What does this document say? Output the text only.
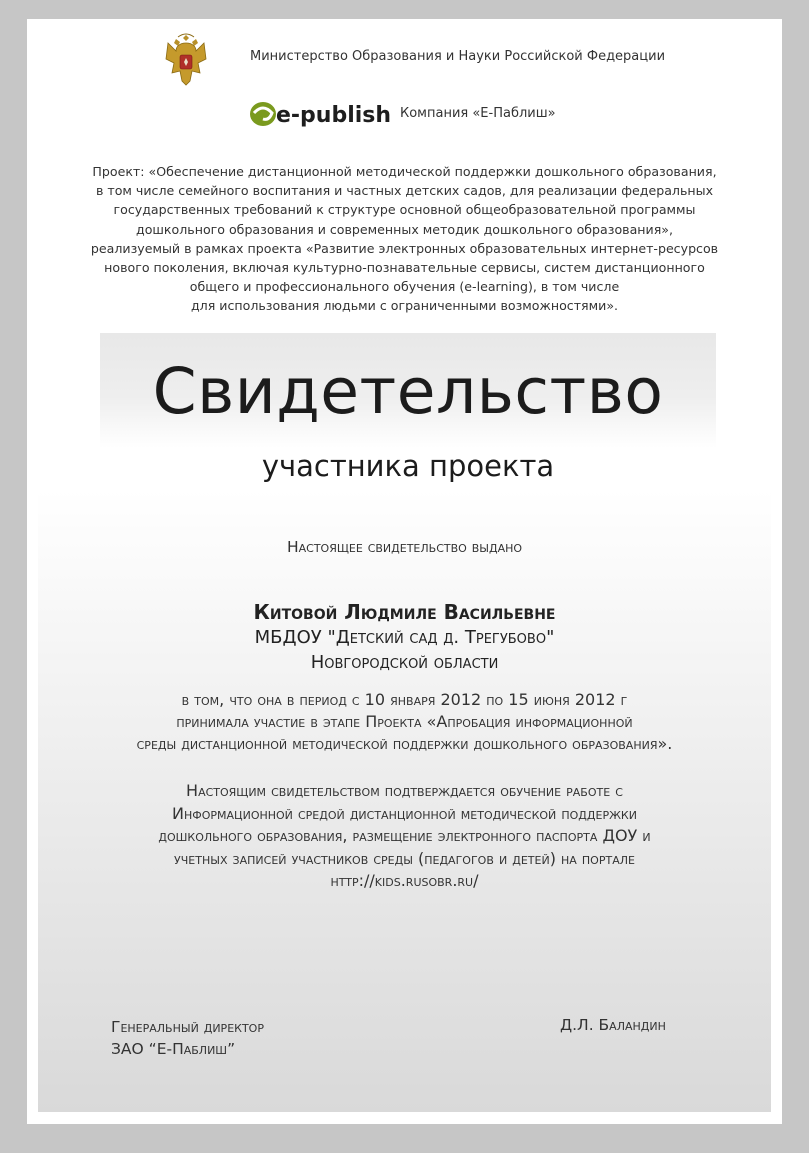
Министерство Образования и Науки Российской Федерации
e-publish Компания «Е-Паблиш»
Проект: «Обеспечение дистанционной методической поддержки дошкольного образования,
в том числе семейного воспитания и частных детских садов, для реализации федеральных
государственных требований к структуре основной общеобразовательной программы
дошкольного образования и современных методик дошкольного образования»,
реализуемый в рамках проекта «Развитие электронных образовательных интернет-ресурсов
нового поколения, включая культурно-познавательные сервисы, систем дистанционного
общего и профессионального обучения (e-learning), в том числе
для использования людьми с ограниченными возможностями».
Свидетельство
участника проекта
Настоящее свидетельство выдано
Китовой Людмиле Васильевне
МБДОУ "Детский сад д. Трегубово"
Новгородской области
в том, что она в период с 10 января 2012 по 15 июня 2012 г
принимала участие в этапе Проекта «Апробация информационной
среды дистанционной методической поддержки дошкольного образования».
Настоящим свидетельством подтверждается обучение работе с
Информационной средой дистанционной методической поддержки
дошкольного образования, размещение электронного паспорта ДОУ и
учетных записей участников среды (педагогов и детей) на портале
http://kids.rusobr.ru/
Генеральный директор
ЗАО “Е-Паблиш”
Д.Л. Баландин
